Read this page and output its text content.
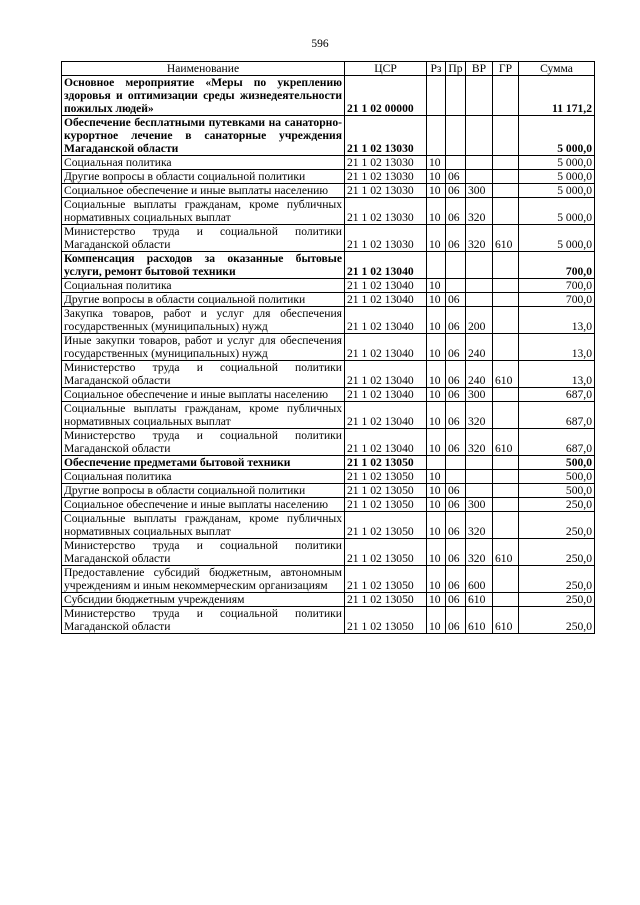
596
Наименование	ЦСР	Рз	Пр	ВР	ГР	Сумма
Основное мероприятие «Меры по укреплению здоровья и оптимизации среды жизнедеятельности пожилых людей»	21 1 02 00000					11 171,2
Обеспечение бесплатными путевками на санаторно-курортное лечение в санаторные учреждения Магаданской области	21 1 02 13030					5 000,0
Социальная политика	21 1 02 13030	10				5 000,0
Другие вопросы в области социальной политики	21 1 02 13030	10	06			5 000,0
Социальное обеспечение и иные выплаты населению	21 1 02 13030	10	06	300		5 000,0
Социальные выплаты гражданам, кроме публичных нормативных социальных выплат	21 1 02 13030	10	06	320		5 000,0
Министерство труда и социальной политики Магаданской области	21 1 02 13030	10	06	320	610	5 000,0
Компенсация расходов за оказанные бытовые услуги, ремонт бытовой техники	21 1 02 13040					700,0
Социальная политика	21 1 02 13040	10				700,0
Другие вопросы в области социальной политики	21 1 02 13040	10	06			700,0
Закупка товаров, работ и услуг для обеспечения государственных (муниципальных) нужд	21 1 02 13040	10	06	200		13,0
Иные закупки товаров, работ и услуг для обеспечения государственных (муниципальных) нужд	21 1 02 13040	10	06	240		13,0
Министерство труда и социальной политики Магаданской области	21 1 02 13040	10	06	240	610	13,0
Социальное обеспечение и иные выплаты населению	21 1 02 13040	10	06	300		687,0
Социальные выплаты гражданам, кроме публичных нормативных социальных выплат	21 1 02 13040	10	06	320		687,0
Министерство труда и социальной политики Магаданской области	21 1 02 13040	10	06	320	610	687,0
Обеспечение предметами бытовой техники	21 1 02 13050					500,0
Социальная политика	21 1 02 13050	10				500,0
Другие вопросы в области социальной политики	21 1 02 13050	10	06			500,0
Социальное обеспечение и иные выплаты населению	21 1 02 13050	10	06	300		250,0
Социальные выплаты гражданам, кроме публичных нормативных социальных выплат	21 1 02 13050	10	06	320		250,0
Министерство труда и социальной политики Магаданской области	21 1 02 13050	10	06	320	610	250,0
Предоставление субсидий бюджетным, автономным учреждениям и иным некоммерческим организациям	21 1 02 13050	10	06	600		250,0
Субсидии бюджетным учреждениям	21 1 02 13050	10	06	610		250,0
Министерство труда и социальной политики Магаданской области	21 1 02 13050	10	06	610	610	250,0
